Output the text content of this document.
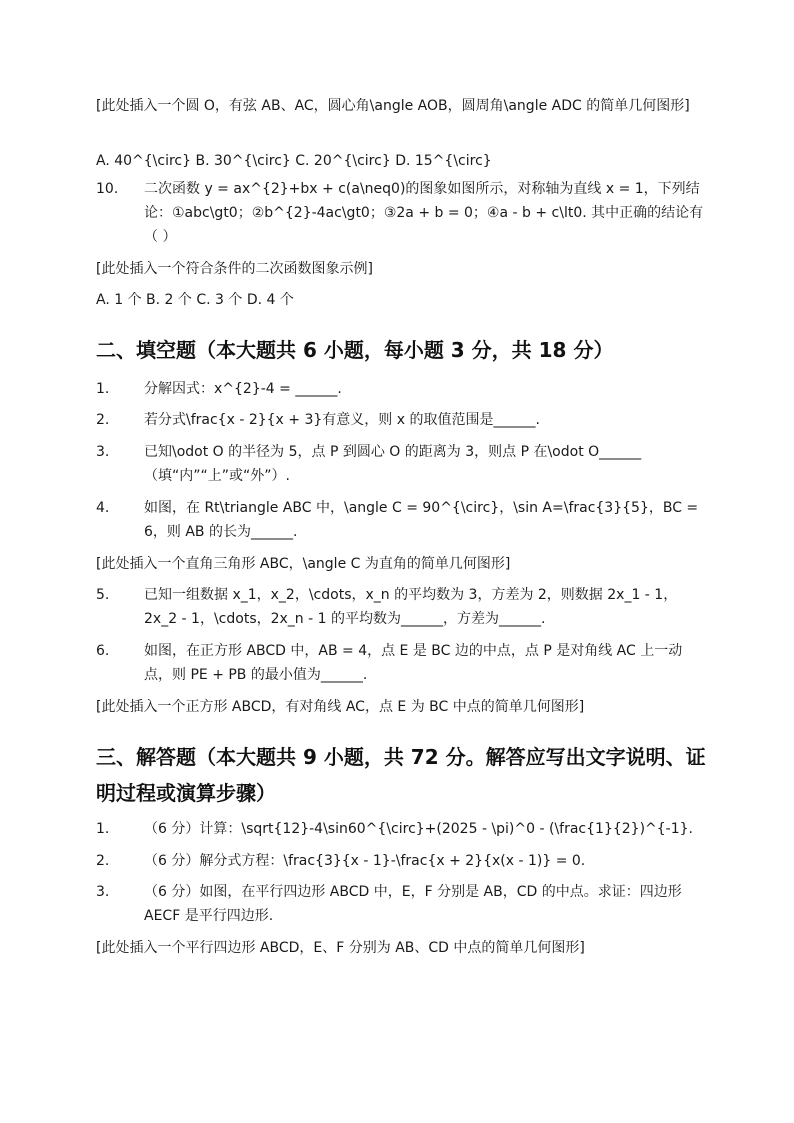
[此处插入一个圆 O，有弦 AB、AC，圆心角\angle AOB，圆周角\angle ADC 的简单几何图形]

A. 40^{\circ} B. 30^{\circ} C. 20^{\circ} D. 15^{\circ}

10.	二次函数 y = ax^{2}+bx + c(a\neq0)的图象如图所示，对称轴为直线 x = 1，下列结论：①abc\gt0；②b^{2}-4ac\gt0；③2a + b = 0；④a - b + c\lt0. 其中正确的结论有（ ）

[此处插入一个符合条件的二次函数图象示例]

A. 1 个 B. 2 个 C. 3 个 D. 4 个

二、填空题（本大题共 6 小题，每小题 3 分，共 18 分）
1.	分解因式：x^{2}-4 = ______.
2.	若分式\frac{x - 2}{x + 3}有意义，则 x 的取值范围是______.
3.	已知\odot O 的半径为 5，点 P 到圆心 O 的距离为 3，则点 P 在\odot O______（填“内”“上”或“外”）.
4.	如图，在 Rt\triangle ABC 中，\angle C = 90^{\circ}，\sin A=\frac{3}{5}，BC = 6，则 AB 的长为______.

[此处插入一个直角三角形 ABC，\angle C 为直角的简单几何图形]

5.	已知一组数据 x_1，x_2，\cdots，x_n 的平均数为 3，方差为 2，则数据 2x_1 - 1，2x_2 - 1，\cdots，2x_n - 1 的平均数为______，方差为______.
6.	如图，在正方形 ABCD 中，AB = 4，点 E 是 BC 边的中点，点 P 是对角线 AC 上一动点，则 PE + PB 的最小值为______.

[此处插入一个正方形 ABCD，有对角线 AC，点 E 为 BC 中点的简单几何图形]

三、解答题（本大题共 9 小题，共 72 分。解答应写出文字说明、证明过程或演算步骤）
1.	（6 分）计算：\sqrt{12}-4\sin60^{\circ}+(2025 - \pi)^0 - (\frac{1}{2})^{-1}.
2.	（6 分）解分式方程：\frac{3}{x - 1}-\frac{x + 2}{x(x - 1)} = 0.
3.	（6 分）如图，在平行四边形 ABCD 中，E，F 分别是 AB，CD 的中点。求证：四边形 AECF 是平行四边形.

[此处插入一个平行四边形 ABCD，E、F 分别为 AB、CD 中点的简单几何图形]
